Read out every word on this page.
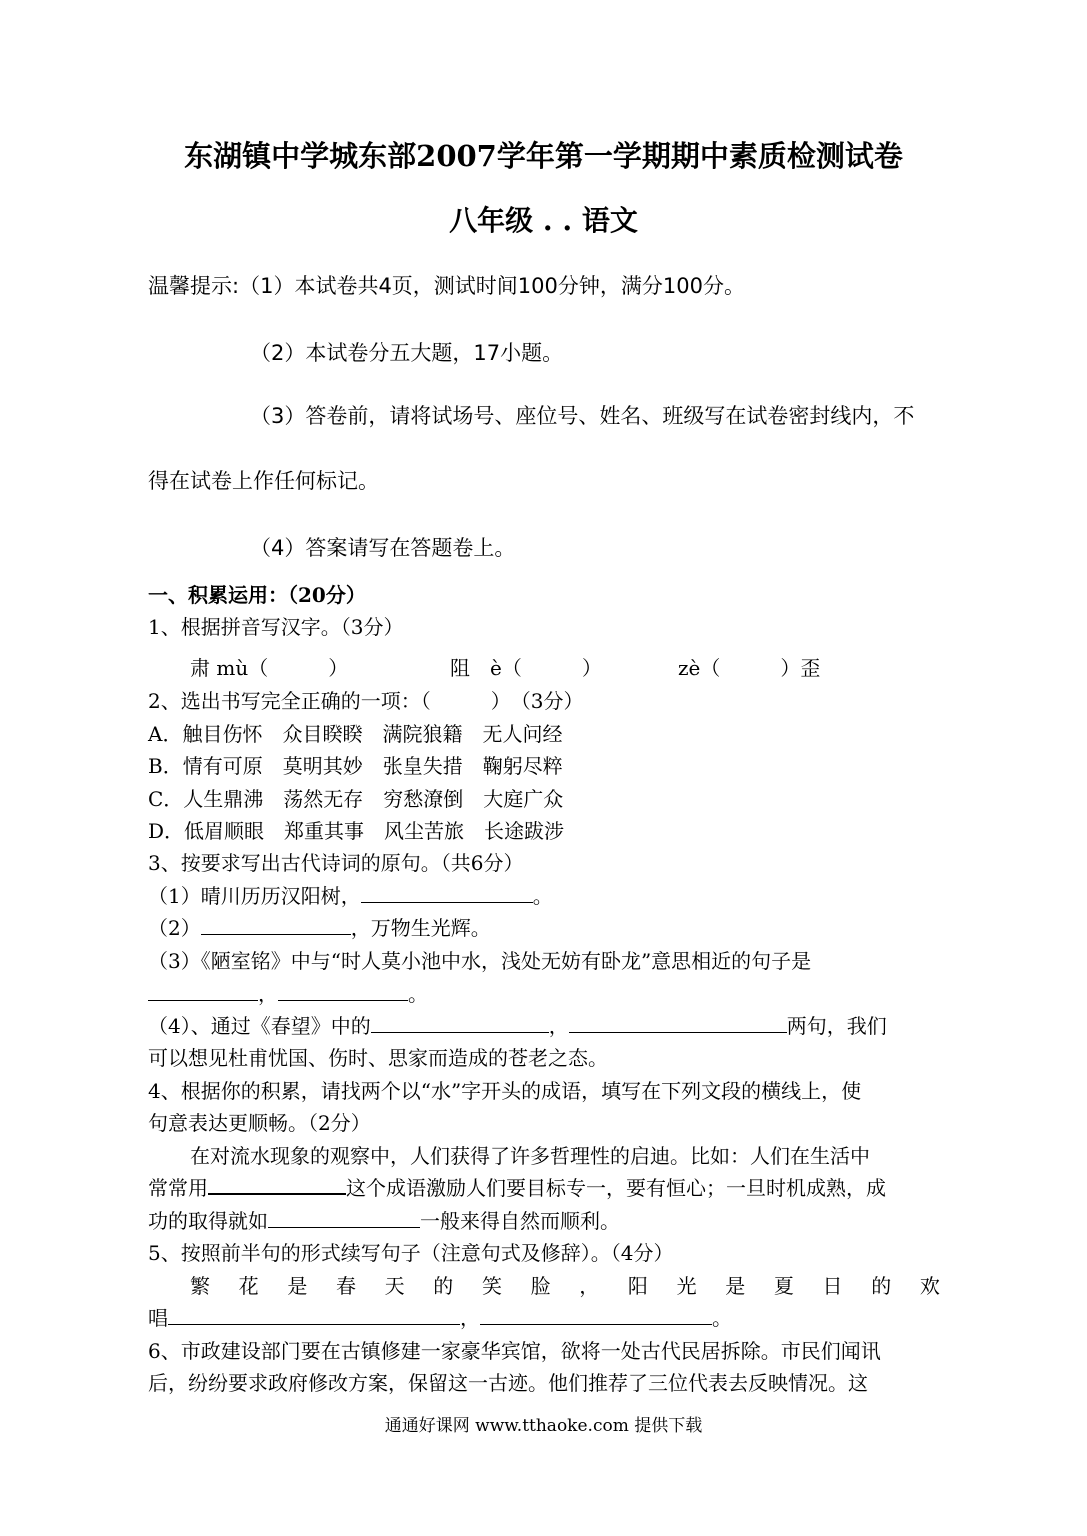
东湖镇中学城东部2007学年第一学期期中素质检测试卷
八年级 . . 语文
温馨提示:（1）本试卷共4页，测试时间100分钟，满分100分。
（2）本试卷分五大题，17小题。
（3）答卷前，请将试场号、座位号、姓名、班级写在试卷密封线内，不
得在试卷上作任何标记。
（4）答案请写在答题卷上。
一、积累运用：（20分）
1、根据拼音写汉字。（3分）
肃 mù（　　　）	阻　è（　　　）	zè（　　　）歪
2、选出书写完全正确的一项：（　　　）　（3分）
A．触目伤怀　众目睽睽　满院狼籍　无人问经
B．情有可原　莫明其妙　张皇失措　鞠躬尽粹
C．人生鼎沸　荡然无存　穷愁潦倒　大庭广众
D．低眉顺眼　郑重其事　风尘苦旅　长途跋涉
3、按要求写出古代诗词的原句。（共6分）
（1）晴川历历汉阳树，	。
（2）	，万物生光辉。
（3）《陋室铭》中与“时人莫小池中水，浅处无妨有卧龙”意思相近的句子是
，	。
（4）、通过《春望》中的	，	两句，我们
可以想见杜甫忧国、伤时、思家而造成的苍老之态。
4、根据你的积累，请找两个以“水”字开头的成语，填写在下列文段的横线上，使
句意表达更顺畅。（2分）
在对流水现象的观察中，人们获得了许多哲理性的启迪。比如：人们在生活中
常常用	这个成语激励人们要目标专一，要有恒心；一旦时机成熟，成
功的取得就如	一般来得自然而顺利。
5、按照前半句的形式续写句子（注意句式及修辞）。（4分）
繁 花 是 春 天 的 笑 脸 ， 阳 光 是 夏 日 的 欢
唱	，	。
6、市政建设部门要在古镇修建一家豪华宾馆，欲将一处古代民居拆除。市民们闻讯
后，纷纷要求政府修改方案，保留这一古迹。他们推荐了三位代表去反映情况。这
通通好课网 www.tthaoke.com 提供下载
